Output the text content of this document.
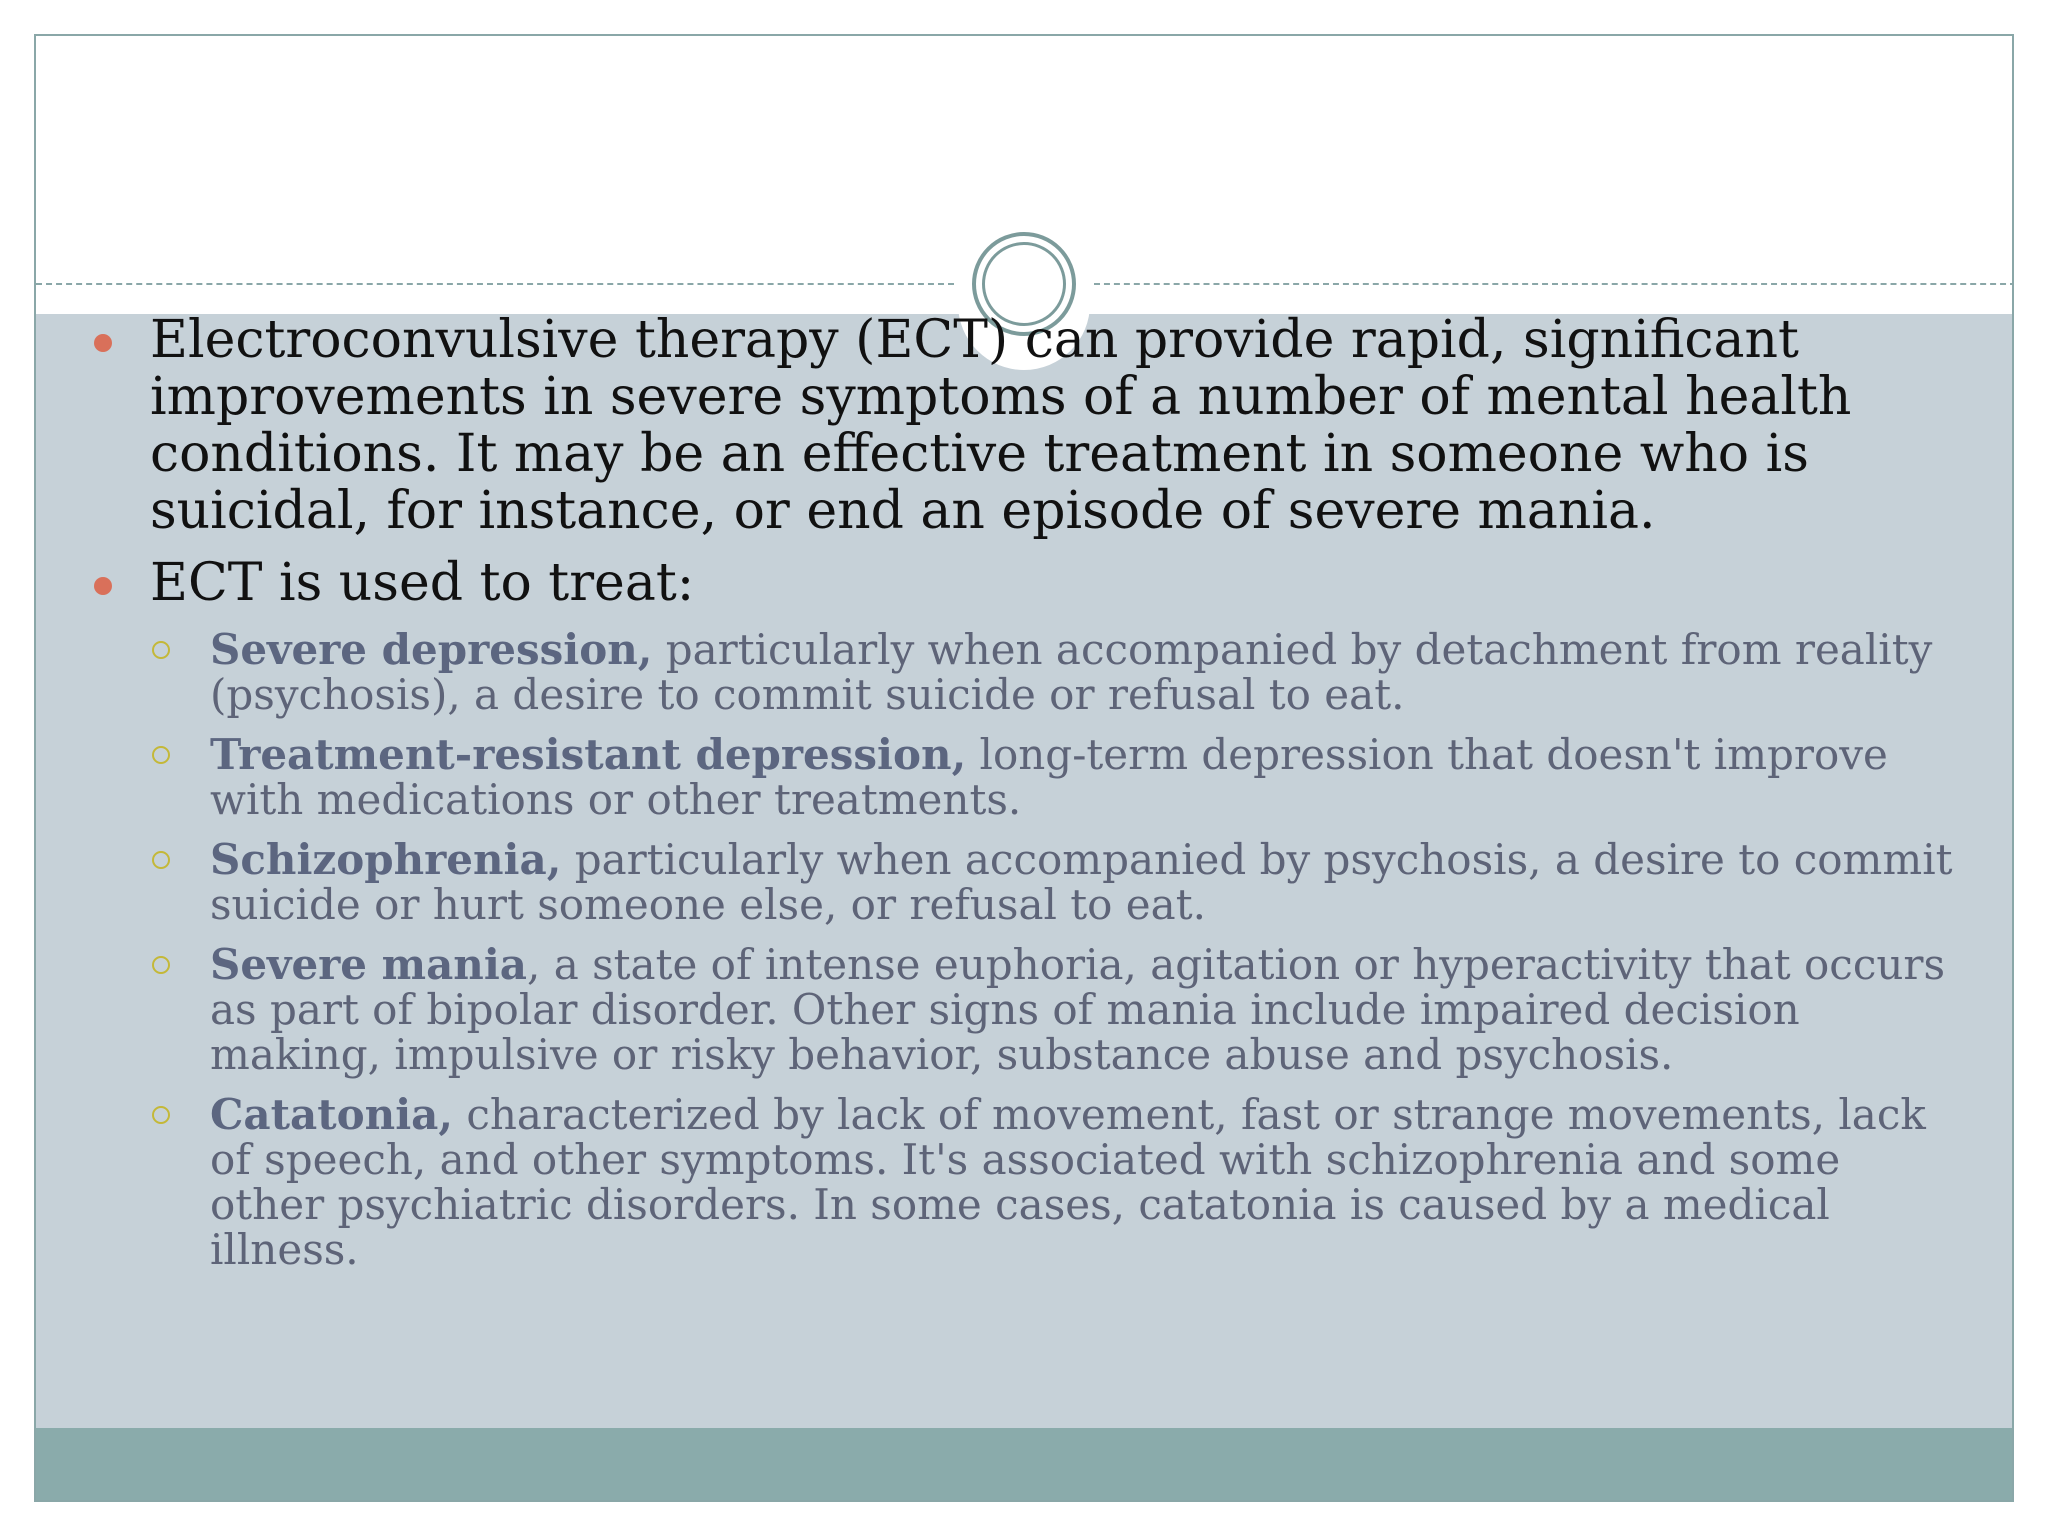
Electroconvulsive therapy (ECT) can provide rapid, significant improvements in severe symptoms of a number of mental health conditions. It may be an effective treatment in someone who is suicidal, for instance, or end an episode of severe mania.
ECT is used to treat:
Severe depression, particularly when accompanied by detachment from reality (psychosis), a desire to commit suicide or refusal to eat.
Treatment-resistant depression, long-term depression that doesn't improve with medications or other treatments.
Schizophrenia, particularly when accompanied by psychosis, a desire to commit suicide or hurt someone else, or refusal to eat.
Severe mania, a state of intense euphoria, agitation or hyperactivity that occurs as part of bipolar disorder. Other signs of mania include impaired decision making, impulsive or risky behavior, substance abuse and psychosis.
Catatonia, characterized by lack of movement, fast or strange movements, lack of speech, and other symptoms. It's associated with schizophrenia and some other psychiatric disorders. In some cases, catatonia is caused by a medical illness.
